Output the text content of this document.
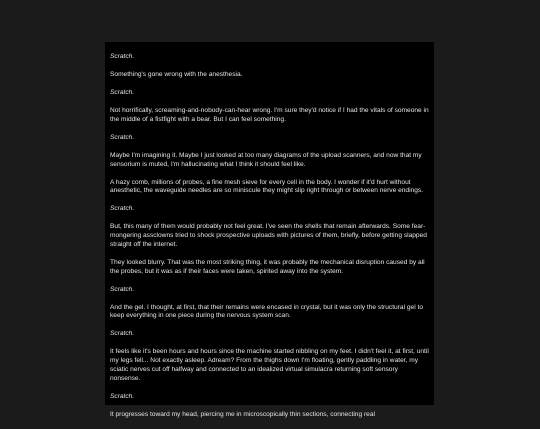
Scratch.

Something's gone wrong with the anesthesia.

Scratch.

Not horrifically, screaming-and-nobody-can-hear wrong. I'm sure they'd notice if I had the vitals of someone in the middle of a fistfight with a bear. But I can feel something.

Scratch.

Maybe I'm imagining it. Maybe I just looked at too many diagrams of the upload scanners, and now that my sensorium is muted, I'm hallucinating what I think it should feel like.

A hazy comb, millions of probes, a fine mesh sieve for every cell in the body. I wonder if it'd hurt without anesthetic, the waveguide needles are so miniscule they might slip right through or between nerve endings.

Scratch.

But, this many of them would probably not feel great. I've seen the shells that remain afterwards. Some fear-mongering assclowns tried to shock prospective uploads with pictures of them, briefly, before getting slapped straight off the internet.

They looked blurry. That was the most striking thing, it was probably the mechanical disruption caused by all the probes, but it was as if their faces were taken, spirited away into the system.

Scratch.

And the gel. I thought, at first, that their remains were encased in crystal, but it was only the structural gel to keep everything in one piece during the nervous system scan.

Scratch.

It feels like it's been hours and hours since the machine started nibbling on my feet. I didn't feel it, at first, until my legs fell... Not exactly asleep. Adream? From the thighs down I'm floating, gently paddling in water, my sciatic nerves cut off halfway and connected to an idealized virtual simulacra returning soft sensory nonsense.

Scratch.

It progresses toward my head, piercing me in microscopically thin sections, connecting real
